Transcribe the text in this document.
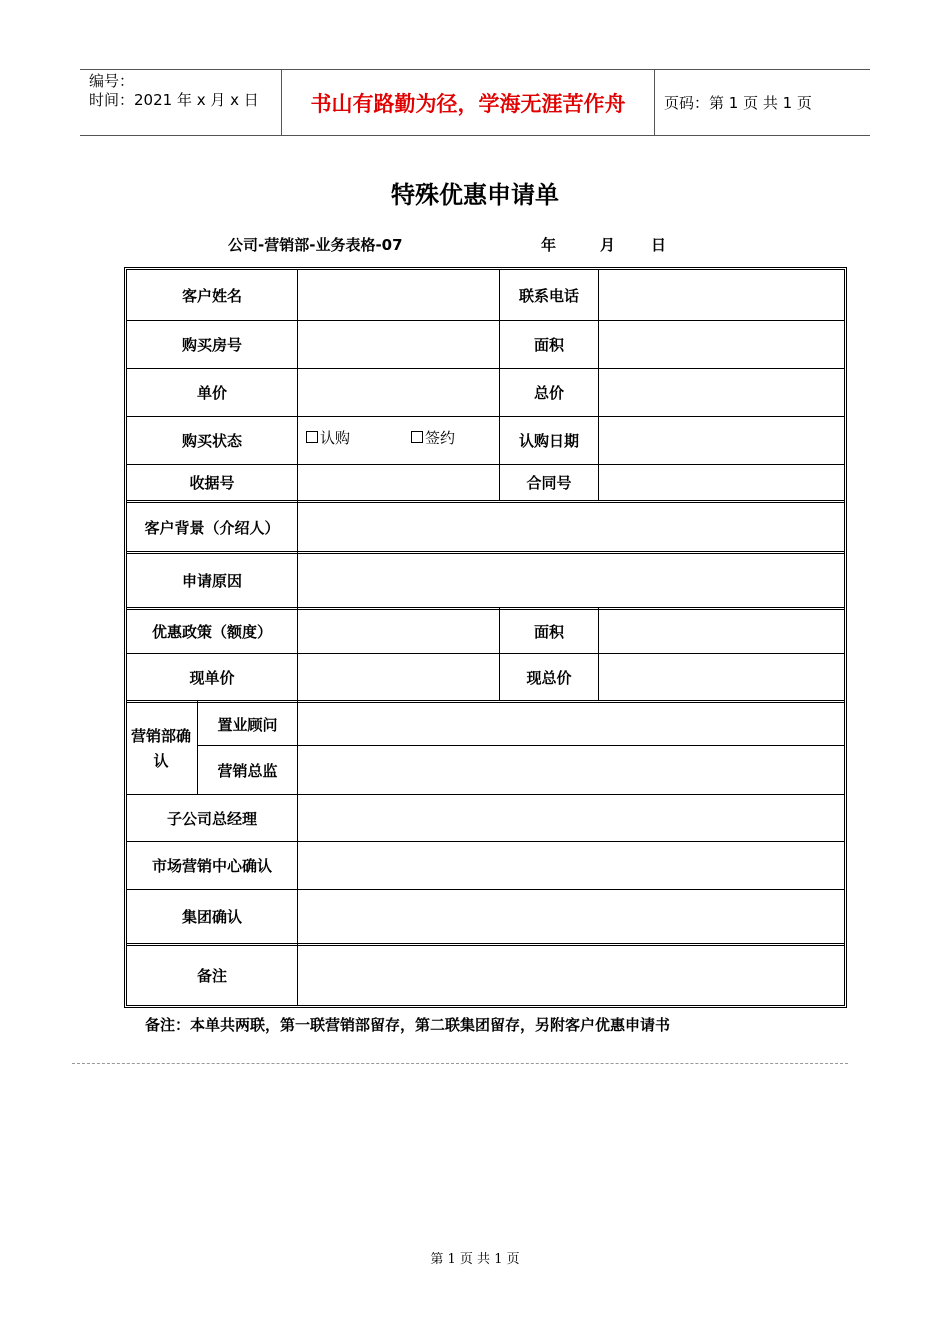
编号：
时间：2021 年 x 月 x 日	书山有路勤为径，学海无涯苦作舟	页码：第 1 页 共 1 页
特殊优惠申请单
公司-营销部-业务表格-07	年	月 日
客户姓名	联系电话
购买房号	面积
单价	总价
购买状态	认购	签约	认购日期
收据号	合同号
客户背景（介绍人）
申请原因
优惠政策（额度）	面积
现单价	现总价
营销部确认
置业顾问
营销总监
子公司总经理
市场营销中心确认
集团确认
备注
备注：本单共两联，第一联营销部留存，第二联集团留存，另附客户优惠申请书
第 1 页 共 1 页
